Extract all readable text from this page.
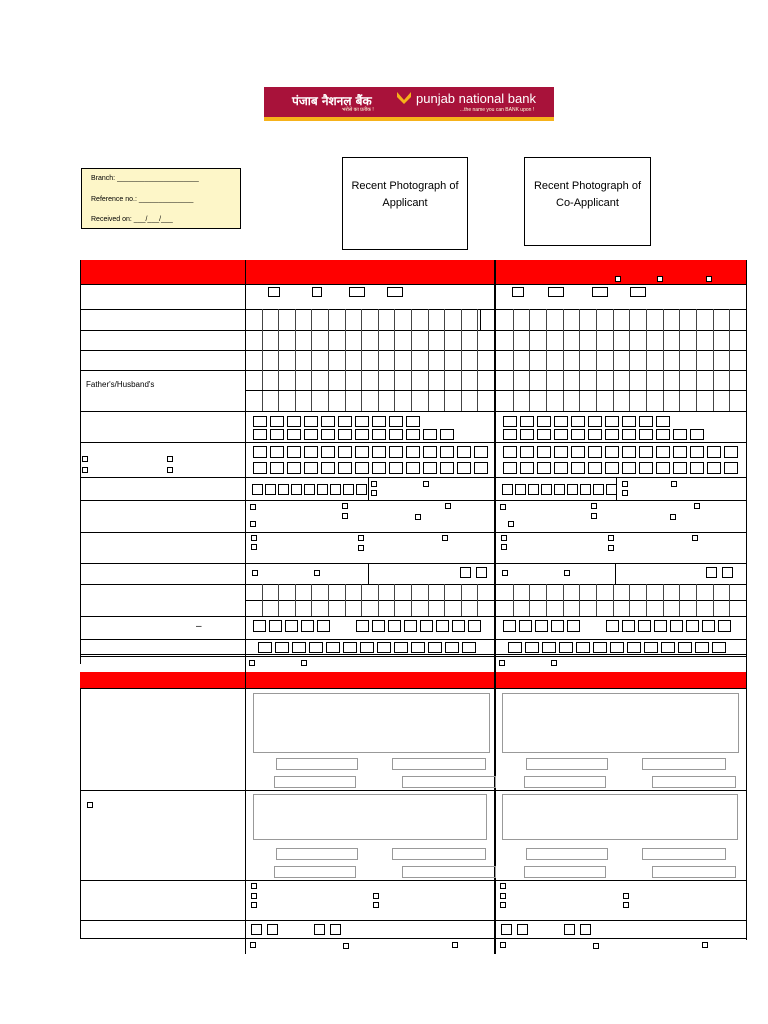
पंजाब नैशनल बैंक
भरोसे का प्रतीक !
punjab national bank
...the name you can BANK upon !
Branch: _____________________
Reference no.: ______________
Received on: ___/___/___
Recent Photograph of Applicant
Recent Photograph of Co-Applicant
Father's/Husband's
–
